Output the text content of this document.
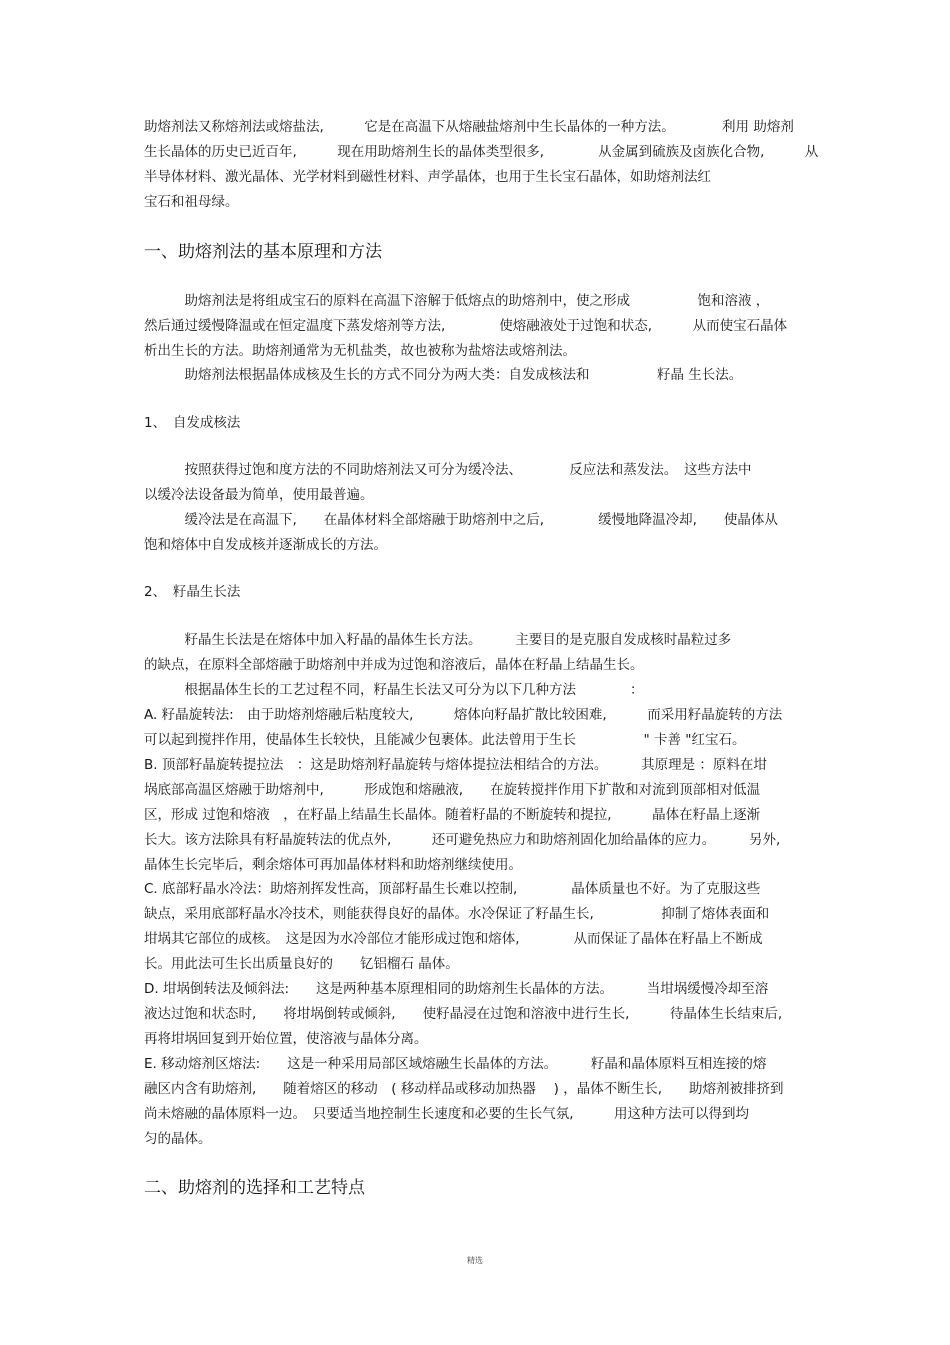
助熔剂法又称熔剂法或熔盐法,　　　它是在高温下从熔融盐熔剂中生长晶体的一种方法。　　　　利用 助熔剂
生长晶体的历史已近百年,　　　现在用助熔剂生长的晶体类型很多,　　　　从金属到硫族及卤族化合物,　　　从
半导体材料、激光晶体、光学材料到磁性材料、声学晶体，也用于生长宝石晶体，如助熔剂法红
宝石和祖母绿。
一、助熔剂法的基本原理和方法
　　　助熔剂法是将组成宝石的原料在高温下溶解于低熔点的助熔剂中，使之形成　　　　　饱和溶液 ，
然后通过缓慢降温或在恒定温度下蒸发熔剂等方法,　　　　使熔融液处于过饱和状态,　　　从而使宝石晶体
析出生长的方法。助熔剂通常为无机盐类，故也被称为盐熔法或熔剂法。
　　　助熔剂法根据晶体成核及生长的方式不同分为两大类：自发成核法和　　　　　籽晶 生长法。
1、　自发成核法
　　　按照获得过饱和度方法的不同助熔剂法又可分为缓冷法、　　　　反应法和蒸发法。　这些方法中
以缓冷法设备最为简单，使用最普遍。
　　　缓冷法是在高温下,　　在晶体材料全部熔融于助熔剂中之后,　　　　缓慢地降温冷却,　　使晶体从
饱和熔体中自发成核并逐渐成长的方法。
2、　籽晶生长法
　　　籽晶生长法是在熔体中加入籽晶的晶体生长方法。　　　主要目的是克服自发成核时晶粒过多
的缺点，在原料全部熔融于助熔剂中并成为过饱和溶液后，晶体在籽晶上结晶生长。
　　　根据晶体生长的工艺过程不同，籽晶生长法又可分为以下几种方法　　　　：
A. 籽晶旋转法:　由于助熔剂熔融后粘度较大,　　　熔体向籽晶扩散比较困难,　　　而采用籽晶旋转的方法
可以起到搅拌作用，使晶体生长较快，且能减少包裹体。此法曾用于生长　　　　　" 卡善 "红宝石。
B. 顶部籽晶旋转提拉法　：这是助熔剂籽晶旋转与熔体提拉法相结合的方法。　　　其原理是 ：原料在坩
埚底部高温区熔融于助熔剂中,　　　形成饱和熔融液,　　在旋转搅拌作用下扩散和对流到顶部相对低温
区，形成 过饱和熔液　，在籽晶上结晶生长晶体。随着籽晶的不断旋转和提拉,　　　晶体在籽晶上逐渐
长大。该方法除具有籽晶旋转法的优点外,　　　还可避免热应力和助熔剂固化加给晶体的应力。　　　另外,
晶体生长完毕后，剩余熔体可再加晶体材料和助熔剂继续使用。
C. 底部籽晶水冷法：助熔剂挥发性高，顶部籽晶生长难以控制,　　　　晶体质量也不好。为了克服这些
缺点，采用底部籽晶水冷技术，则能获得良好的晶体。水冷保证了籽晶生长,　　　　　抑制了熔体表面和
坩埚其它部位的成核。　这是因为水冷部位才能形成过饱和熔体,　　　　从而保证了晶体在籽晶上不断成
长。用此法可生长出质量良好的　　钇铝榴石 晶体。
D. 坩埚倒转法及倾斜法:　　这是两种基本原理相同的助熔剂生长晶体的方法。　　　当坩埚缓慢冷却至溶
液达过饱和状态时,　　将坩埚倒转或倾斜,　　使籽晶浸在过饱和溶液中进行生长,　　　待晶体生长结束后,
再将坩埚回复到开始位置，使溶液与晶体分离。
E. 移动熔剂区熔法:　　这是一种采用局部区域熔融生长晶体的方法。　　　籽晶和晶体原料互相连接的熔
融区内含有助熔剂,　　随着熔区的移动　( 移动样品或移动加热器　 ) ，晶体不断生长,　　助熔剂被排挤到
尚未熔融的晶体原料一边。　只要适当地控制生长速度和必要的生长气氛,　　　用这种方法可以得到均
匀的晶体。
二、助熔剂的选择和工艺特点
精选
